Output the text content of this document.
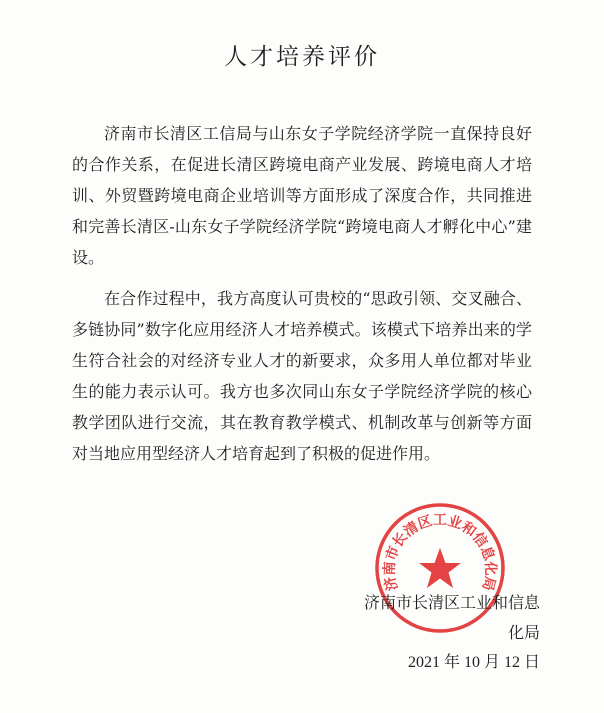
人才培养评价

济南市长清区工信局与山东女子学院经济学院一直保持良好的合作关系，在促进长清区跨境电商产业发展、跨境电商人才培训、外贸暨跨境电商企业培训等方面形成了深度合作，共同推进和完善长清区-山东女子学院经济学院“跨境电商人才孵化中心”建设。

在合作过程中，我方高度认可贵校的“思政引领、交叉融合、多链协同”数字化应用经济人才培养模式。该模式下培养出来的学生符合社会的对经济专业人才的新要求，众多用人单位都对毕业生的能力表示认可。我方也多次同山东女子学院经济学院的核心教学团队进行交流，其在教育教学模式、机制改革与创新等方面对当地应用型经济人才培育起到了积极的促进作用。

济南市长清区工业和信息化局
济南市长清区工业和信息化局
2021 年 10 月 12 日
